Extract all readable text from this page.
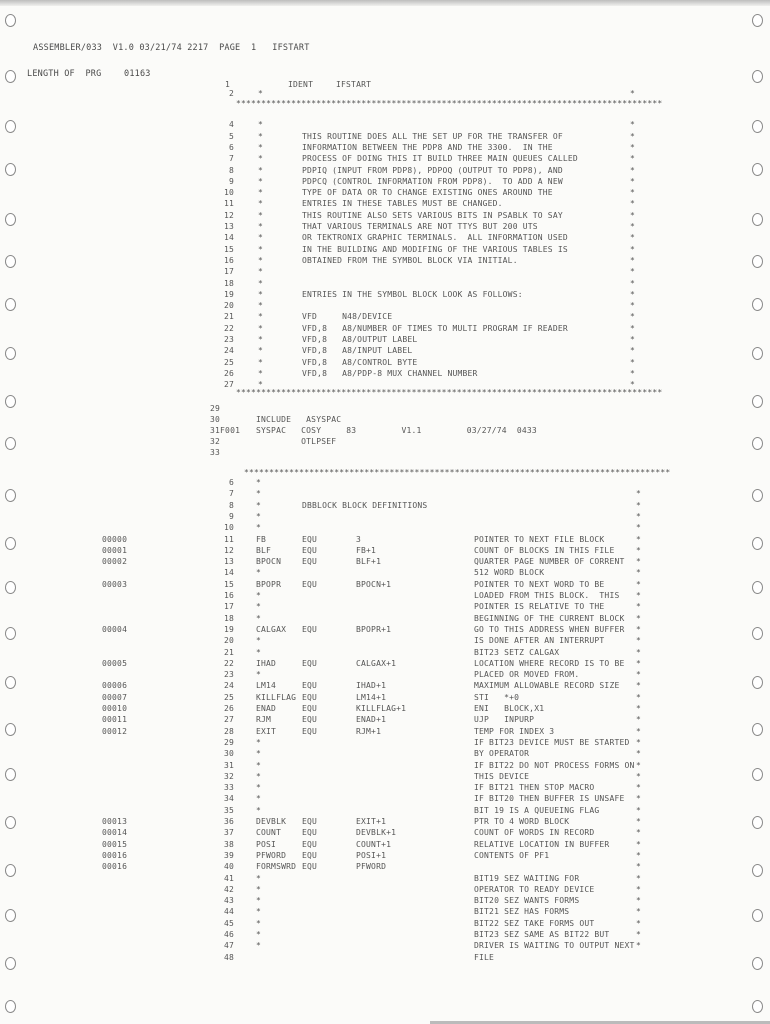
ASSEMBLER/033  V1.0 03/21/74 2217  PAGE  1   IFSTART
LENGTH OF  PRG	01163
1	IDENT	IFSTART
*************************************************************************************
2	*	*
4	*	*
5	*	THIS ROUTINE DOES ALL THE SET UP FOR THE TRANSFER OF	*
6	*	INFORMATION BETWEEN THE PDP8 AND THE 3300.  IN THE	*
7	*	PROCESS OF DOING THIS IT BUILD THREE MAIN QUEUES CALLED	*
8	*	PDPIQ (INPUT FROM PDP8), PDPOQ (OUTPUT TO PDP8), AND	*
9	*	PDPCQ (CONTROL INFORMATION FROM PDP8).  TO ADD A NEW	*
10	*	TYPE OF DATA OR TO CHANGE EXISTING ONES AROUND THE	*
11	*	ENTRIES IN THESE TABLES MUST BE CHANGED.	*
12	*	THIS ROUTINE ALSO SETS VARIOUS BITS IN PSABLK TO SAY	*
13	*	THAT VARIOUS TERMINALS ARE NOT TTYS BUT 200 UTS	*
14	*	OR TEKTRONIX GRAPHIC TERMINALS.  ALL INFORMATION USED	*
15	*	IN THE BUILDING AND MODIFING OF THE VARIOUS TABLES IS	*
16	*	OBTAINED FROM THE SYMBOL BLOCK VIA INITIAL.	*
17	*	*
18	*	*
19	*	ENTRIES IN THE SYMBOL BLOCK LOOK AS FOLLOWS:	*
20	*	*
21	*	VFD     N48/DEVICE	*
22	*	VFD,8   A8/NUMBER OF TIMES TO MULTI PROGRAM IF READER	*
23	*	VFD,8   A8/OUTPUT LABEL	*
24	*	VFD,8   A8/INPUT LABEL	*
25	*	VFD,8   A8/CONTROL BYTE	*
26	*	VFD,8   A8/PDP-8 MUX CHANNEL NUMBER	*
27	*	*
*************************************************************************************
29
30	INCLUDE   ASYSPAC
31F001 SYSPAC   COSY     83         V1.1         03/27/74  0433
32	OTLPSEF
33
*************************************************************************************
6	*
7	*	*
8	*	DBBLOCK BLOCK DEFINITIONS	*
9	*	*
10	*	*
11
00000	FB	EQU	3	POINTER TO NEXT FILE BLOCK	*
12
00001	BLF	EQU	FB+1	COUNT OF BLOCKS IN THIS FILE	*
13
00002	BPOCN	EQU	BLF+1	QUARTER PAGE NUMBER OF CORRENT *
14	*	512 WORD BLOCK	*
15
00003	BPOPR	EQU	BPOCN+1	POINTER TO NEXT WORD TO BE	*
16	*	LOADED FROM THIS BLOCK.  THIS *
17	*	POINTER IS RELATIVE TO THE	*
18	*	BEGINNING OF THE CURRENT BLOCK *
19
00004	CALGAX EQU	BPOPR+1	GO TO THIS ADDRESS WHEN BUFFER *
20	*	IS DONE AFTER AN INTERRUPT	*
21	*	BIT23 SETZ CALGAX	*
22
00005	IHAD	EQU	CALGAX+1	LOCATION WHERE RECORD IS TO BE *
23	*	PLACED OR MOVED FROM.	*
24
00006	LM14	EQU	IHAD+1	MAXIMUM ALLOWABLE RECORD SIZE *
25
00007	KILLFLAG EQU	LM14+1	STI   *+0	*
26
00010	ENAD	EQU	KILLFLAG+1	ENI   BLOCK,X1	*
27
00011	RJM	EQU	ENAD+1	UJP   INPURP	*
28
00012	EXIT	EQU	RJM+1	TEMP FOR INDEX 3	*
29	*	IF BIT23 DEVICE MUST BE STARTED *
30	*	BY OPERATOR	*
31	*	IF BIT22 DO NOT PROCESS FORMS ON *
32	*	THIS DEVICE	*
33	*	IF BIT21 THEN STOP MACRO	*
34	*	IF BIT20 THEN BUFFER IS UNSAFE *
35	*	BIT 19 IS A QUEUEING FLAG	*
36
00013	DEVBLK EQU	EXIT+1	PTR TO 4 WORD BLOCK	*
37
00014	COUNT	EQU	DEVBLK+1	COUNT OF WORDS IN RECORD	*
38
00015	POSI	EQU	COUNT+1	RELATIVE LOCATION IN BUFFER	*
39
00016	PFWORD EQU	POSI+1	CONTENTS OF PF1	*
40
00016	FORMSWRD EQU	PFWORD	*
41	*	BIT19 SEZ WAITING FOR	*
42	*	OPERATOR TO READY DEVICE	*
43	*	BIT20 SEZ WANTS FORMS	*
44	*	BIT21 SEZ HAS FORMS	*
45	*	BIT22 SEZ TAKE FORMS OUT	*
46	*	BIT23 SEZ SAME AS BIT22 BUT	*
47	*	DRIVER IS WAITING TO OUTPUT NEXT *
48	FILE
